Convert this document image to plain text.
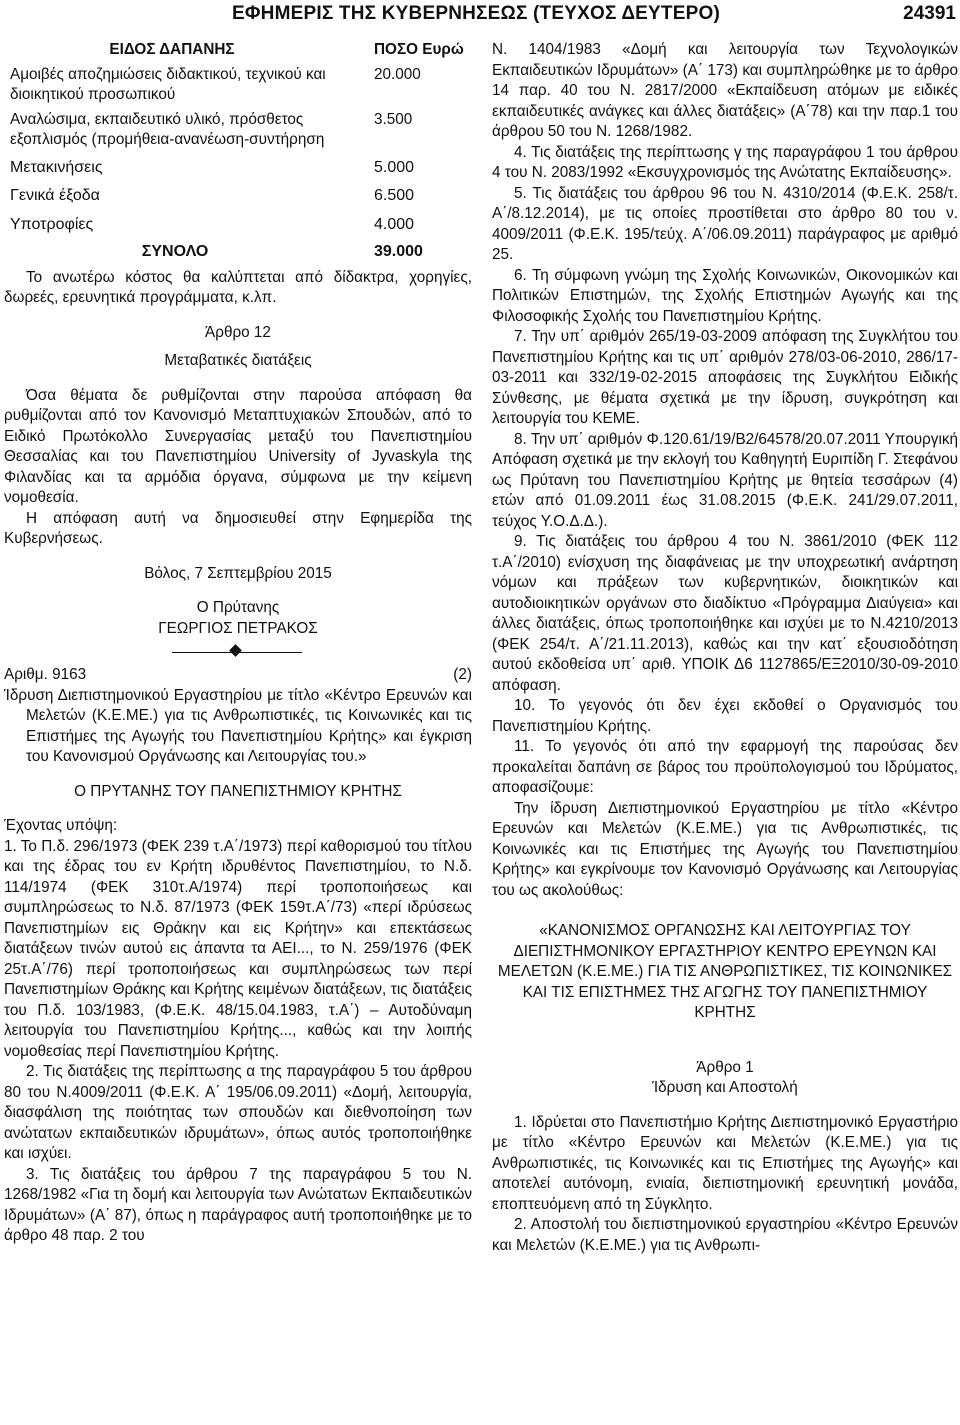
ΕΦΗΜΕΡΙΣ ΤΗΣ ΚΥΒΕΡΝΗΣΕΩΣ (ΤΕΥΧΟΣ ΔΕΥΤΕΡΟ)	24391
ΕΙΔΟΣ ΔΑΠΑΝΗΣ	ΠΟΣΟ Ευρώ
Αμοιβές αποζημιώσεις διδακτικού, τεχνικού και διοικητικού προσωπικού	20.000
Αναλώσιμα, εκπαιδευτικό υλικό, πρόσθετος εξοπλισμός (προμήθεια-ανανέωση-συντήρηση	3.500
Μετακινήσεις	5.000
Γενικά έξοδα	6.500
Υποτροφίες	4.000
ΣΥΝΟΛΟ	39.000

Το ανωτέρω κόστος θα καλύπτεται από δίδακτρα, χορηγίες, δωρεές, ερευνητικά προγράμματα, κ.λπ.

Άρθρο 12

Μεταβατικές διατάξεις

Όσα θέματα δε ρυθμίζονται στην παρούσα απόφαση θα ρυθμίζονται από τον Κανονισμό Μεταπτυχιακών Σπουδών, από το Ειδικό Πρωτόκολλο Συνεργασίας μεταξύ του Πανεπιστημίου Θεσσαλίας και του Πανεπιστημίου University of Jyvaskyla της Φιλανδίας και τα αρμόδια όργανα, σύμφωνα με την κείμενη νομοθεσία.

Η απόφαση αυτή να δημοσιευθεί στην Εφημερίδα της Κυβερνήσεως.

Βόλος, 7 Σεπτεμβρίου 2015

Ο Πρύτανης

ΓΕΩΡΓΙΟΣ ΠΕΤΡΑΚΟΣ

Αριθμ. 9163	(2)

Ίδρυση Διεπιστημονικού Εργαστηρίου με τίτλο «Κέντρο Ερευνών και Μελετών (Κ.Ε.ΜΕ.) για τις Ανθρωπιστικές, τις Κοινωνικές και τις Επιστήμες της Αγωγής του Πανεπιστημίου Κρήτης» και έγκριση του Κανονισμού Οργάνωσης και Λειτουργίας του.»

Ο ΠΡΥΤΑΝΗΣ ΤΟΥ ΠΑΝΕΠΙΣΤΗΜΙΟΥ ΚΡΗΤΗΣ

Έχοντας υπόψη:

1. Το Π.δ. 296/1973 (ΦΕΚ 239 τ.Α΄/1973) περί καθορισμού του τίτλου και της έδρας του εν Κρήτη ιδρυθέντος Πανεπιστημίου, το Ν.δ. 114/1974 (ΦΕΚ 310τ.Α/1974) περί τροποποιήσεως και συμπληρώσεως το Ν.δ. 87/1973 (ΦΕΚ 159τ.Α΄/73) «περί ιδρύσεως Πανεπιστημίων εις Θράκην και εις Κρήτην» και επεκτάσεως διατάξεων τινών αυτού εις άπαντα τα ΑΕΙ..., το Ν. 259/1976 (ΦΕΚ 25τ.Α΄/76) περί τροποποιήσεως και συμπληρώσεως των περί Πανεπιστημίων Θράκης και Κρήτης κειμένων διατάξεων, τις διατάξεις του Π.δ. 103/1983, (Φ.Ε.Κ. 48/15.04.1983, τ.Α΄) – Αυτοδύναμη λειτουργία του Πανεπιστημίου Κρήτης..., καθώς και την λοιπής νομοθεσίας περί Πανεπιστημίου Κρήτης.

2. Τις διατάξεις της περίπτωσης α της παραγράφου 5 του άρθρου 80 του Ν.4009/2011 (Φ.Ε.Κ. Α΄ 195/06.09.2011) «Δομή, λειτουργία, διασφάλιση της ποιότητας των σπουδών και διεθνοποίηση των ανώτατων εκπαιδευτικών ιδρυμάτων», όπως αυτός τροποποιήθηκε και ισχύει.

3. Τις διατάξεις του άρθρου 7 της παραγράφου 5 του Ν. 1268/1982 «Για τη δομή και λειτουργία των Ανώτατων Εκπαιδευτικών Ιδρυμάτων» (Α΄ 87), όπως η παράγραφος αυτή τροποποιήθηκε με το άρθρο 48 παρ. 2 του

Ν. 1404/1983 «Δομή και λειτουργία των Τεχνολογικών Εκπαιδευτικών Ιδρυμάτων» (Α΄ 173) και συμπληρώθηκε με το άρθρο 14 παρ. 40 του Ν. 2817/2000 «Εκπαίδευση ατόμων με ειδικές εκπαιδευτικές ανάγκες και άλλες διατάξεις» (Α΄78) και την παρ.1 του άρθρου 50 του Ν. 1268/1982.

4. Τις διατάξεις της περίπτωσης γ της παραγράφου 1 του άρθρου 4 του Ν. 2083/1992 «Εκσυγχρονισμός της Ανώτατης Εκπαίδευσης».

5. Τις διατάξεις του άρθρου 96 του Ν. 4310/2014 (Φ.Ε.Κ. 258/τ. Α΄/8.12.2014), με τις οποίες προστίθεται στο άρθρο 80 του ν. 4009/2011 (Φ.Ε.Κ. 195/τεύχ. Α΄/06.09.2011) παράγραφος με αριθμό 25.

6. Τη σύμφωνη γνώμη της Σχολής Κοινωνικών, Οικονομικών και Πολιτικών Επιστημών, της Σχολής Επιστημών Αγωγής και της Φιλοσοφικής Σχολής του Πανεπιστημίου Κρήτης.

7. Την υπ΄ αριθμόν 265/19-03-2009 απόφαση της Συγκλήτου του Πανεπιστημίου Κρήτης και τις υπ΄ αριθμόν 278/03-06-2010, 286/17-03-2011 και 332/19-02-2015 αποφάσεις της Συγκλήτου Ειδικής Σύνθεσης, με θέματα σχετικά με την ίδρυση, συγκρότηση και λειτουργία του ΚΕΜΕ.

8. Την υπ΄ αριθμόν Φ.120.61/19/Β2/64578/20.07.2011 Υπουργική Απόφαση σχετικά με την εκλογή του Καθηγητή Ευριπίδη Γ. Στεφάνου ως Πρύτανη του Πανεπιστημίου Κρήτης με θητεία τεσσάρων (4) ετών από 01.09.2011 έως 31.08.2015 (Φ.Ε.Κ. 241/29.07.2011, τεύχος Υ.Ο.Δ.Δ.).

9. Τις διατάξεις του άρθρου 4 του Ν. 3861/2010 (ΦΕΚ 112 τ.Α΄/2010) ενίσχυση της διαφάνειας με την υποχρεωτική ανάρτηση νόμων και πράξεων των κυβερνητικών, διοικητικών και αυτοδιοικητικών οργάνων στο διαδίκτυο «Πρόγραμμα Διαύγεια» και άλλες διατάξεις, όπως τροποποιήθηκε και ισχύει με το Ν.4210/2013 (ΦΕΚ 254/τ. Α΄/21.11.2013), καθώς και την κατ΄ εξουσιοδότηση αυτού εκδοθείσα υπ΄ αριθ. ΥΠΟΙΚ Δ6 1127865/ΕΞ2010/30-09-2010 απόφαση.

10. Το γεγονός ότι δεν έχει εκδοθεί ο Οργανισμός του Πανεπιστημίου Κρήτης.

11. Το γεγονός ότι από την εφαρμογή της παρούσας δεν προκαλείται δαπάνη σε βάρος του προϋπολογισμού του Ιδρύματος, αποφασίζουμε:

Την ίδρυση Διεπιστημονικού Εργαστηρίου με τίτλο «Κέντρο Ερευνών και Μελετών (Κ.Ε.ΜΕ.) για τις Ανθρωπιστικές, τις Κοινωνικές και τις Επιστήμες της Αγωγής του Πανεπιστημίου Κρήτης» και εγκρίνουμε τον Κανονισμό Οργάνωσης και Λειτουργίας του ως ακολούθως:

«ΚΑΝΟΝΙΣΜΟΣ ΟΡΓΑΝΩΣΗΣ ΚΑΙ ΛΕΙΤΟΥΡΓΙΑΣ ΤΟΥ ΔΙΕΠΙΣΤΗΜΟΝΙΚΟΥ ΕΡΓΑΣΤΗΡΙΟΥ ΚΕΝΤΡΟ ΕΡΕΥΝΩΝ ΚΑΙ ΜΕΛΕΤΩΝ (Κ.Ε.ΜΕ.) ΓΙΑ ΤΙΣ ΑΝΘΡΩΠΙΣΤΙΚΕΣ, ΤΙΣ ΚΟΙΝΩΝΙΚΕΣ ΚΑΙ ΤΙΣ ΕΠΙΣΤΗΜΕΣ ΤΗΣ ΑΓΩΓΗΣ ΤΟΥ ΠΑΝΕΠΙΣΤΗΜΙΟΥ ΚΡΗΤΗΣ

Άρθρο 1

Ίδρυση και Αποστολή

1. Ιδρύεται στο Πανεπιστήμιο Κρήτης Διεπιστημονικό Εργαστήριο με τίτλο «Κέντρο Ερευνών και Μελετών (Κ.Ε.ΜΕ.) για τις Ανθρωπιστικές, τις Κοινωνικές και τις Επιστήμες της Αγωγής» και αποτελεί αυτόνομη, ενιαία, διεπιστημονική ερευνητική μονάδα, εποπτευόμενη από τη Σύγκλητο.

2. Αποστολή του διεπιστημονικού εργαστηρίου «Κέντρο Ερευνών και Μελετών (Κ.Ε.ΜΕ.) για τις Ανθρωπι-
